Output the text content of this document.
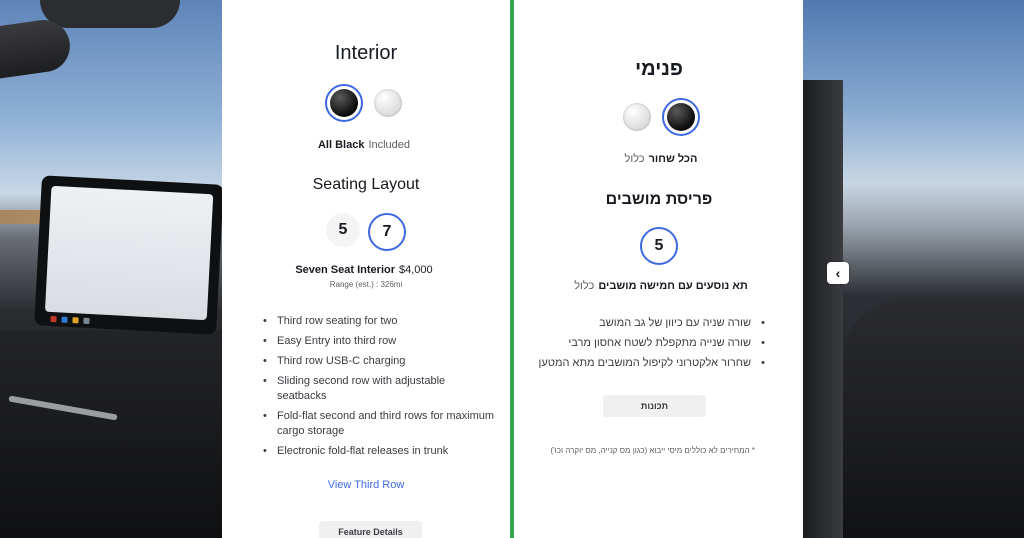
Interior
All Black Included
Seating Layout
5	7
Seven Seat Interior $4,000
Range (est.) : 326mi
• Third row seating for two
• Easy Entry into third row
• Third row USB-C charging
• Sliding second row with adjustable seatbacks
• Fold-flat second and third rows for maximum cargo storage
• Electronic fold-flat releases in trunk
View Third Row
Feature Details
פנימי
הכל שחורכלול
פריסת מושבים
5
תא נוסעים עם חמישה מושביםכלול
• שורה שניה עם כיוון של גב המושב
• שורה שנייה מתקפלת לשטח אחסון מרבי
• שחרור אלקטרוני לקיפול המושבים מתא המטען
תכונות
* המחירים לא כוללים מיסי ייבוא (כגון מס קנייה, מס יוקרה וכו')
‹
